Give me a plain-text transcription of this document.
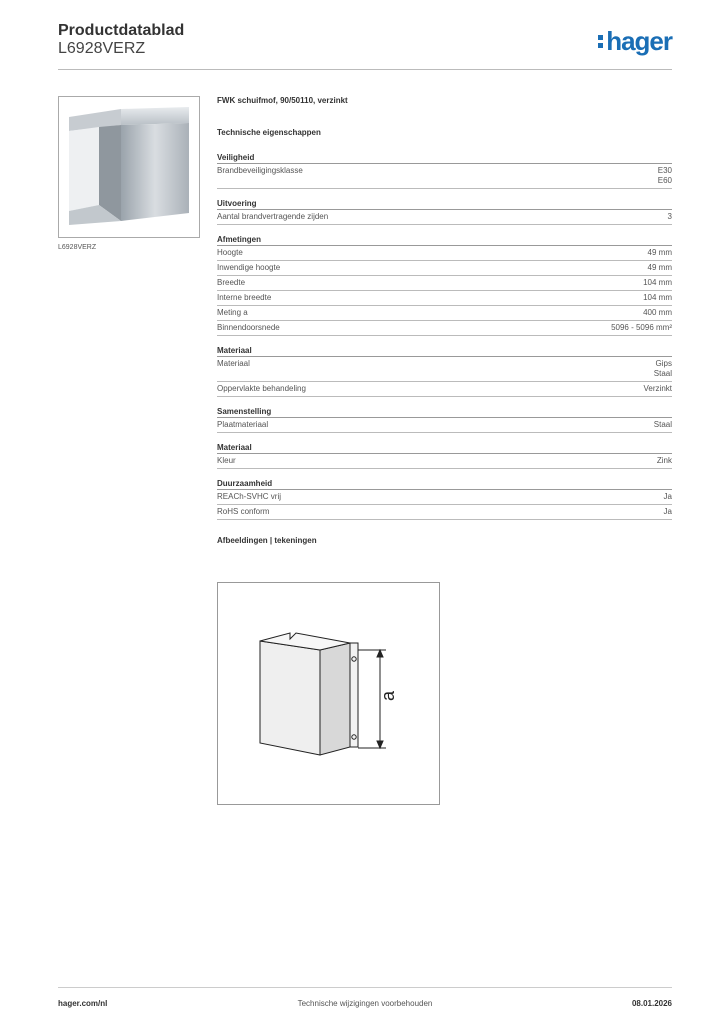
Productdatablad
L6928VERZ	hager
L6928VERZ
FWK schuifmof, 90/50110, verzinkt
Technische eigenschappen
Veiligheid
Brandbeveiligingsklasse	E30
E60
Uitvoering
Aantal brandvertragende zijden	3
Afmetingen
Hoogte	49 mm
Inwendige hoogte	49 mm
Breedte	104 mm
Interne breedte	104 mm
Meting a	400 mm
Binnendoorsnede	5096 - 5096 mm²
Materiaal
Materiaal	Gips
Staal
Oppervlakte behandeling	Verzinkt
Samenstelling
Plaatmateriaal	Staal
Materiaal
Kleur	Zink
Duurzaamheid
REACh-SVHC vrij	Ja
RoHS conform	Ja
Afbeeldingen | tekeningen
a
hager.com/nl	Technische wijzigingen voorbehouden	08.01.2026
